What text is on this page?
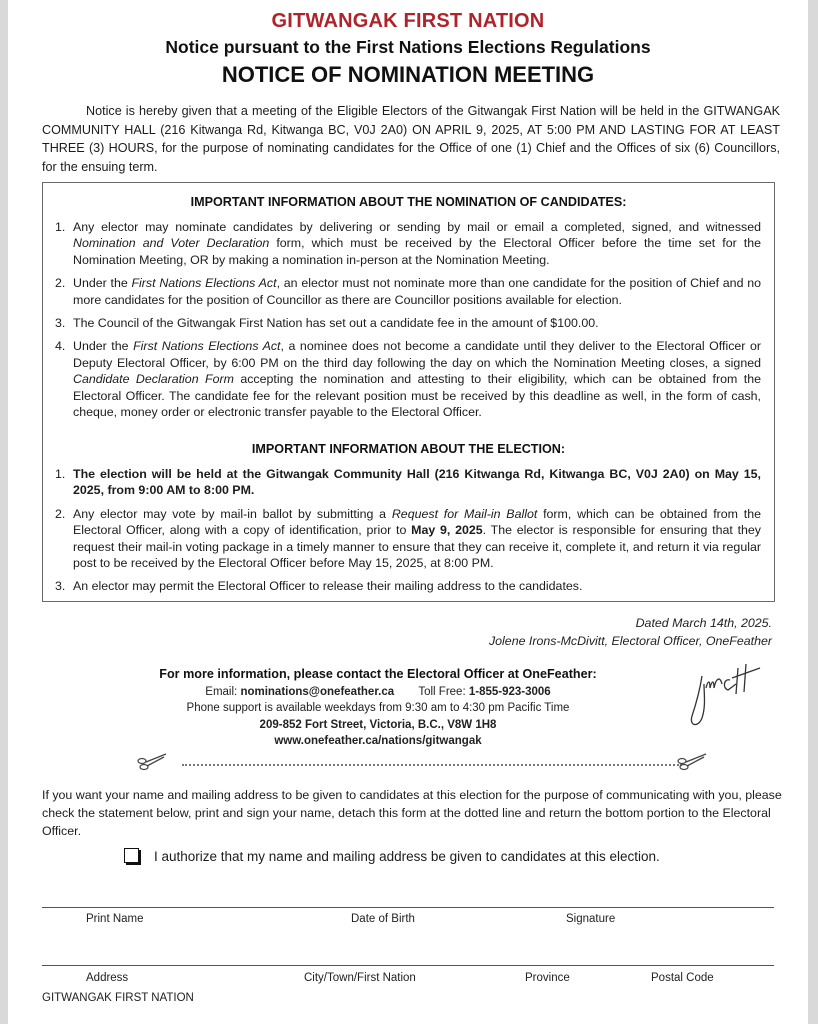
GITWANGAK FIRST NATION
Notice pursuant to the First Nations Elections Regulations
NOTICE OF NOMINATION MEETING
Notice is hereby given that a meeting of the Eligible Electors of the Gitwangak First Nation will be held in the GITWANGAK COMMUNITY HALL (216 Kitwanga Rd, Kitwanga BC, V0J 2A0) ON APRIL 9, 2025, AT 5:00 PM AND LASTING FOR AT LEAST THREE (3) HOURS, for the purpose of nominating candidates for the Office of one (1) Chief and the Offices of six (6) Councillors, for the ensuing term.
IMPORTANT INFORMATION ABOUT THE NOMINATION OF CANDIDATES:
1. Any elector may nominate candidates by delivering or sending by mail or email a completed, signed, and witnessed Nomination and Voter Declaration form, which must be received by the Electoral Officer before the time set for the Nomination Meeting, OR by making a nomination in-person at the Nomination Meeting.
2. Under the First Nations Elections Act, an elector must not nominate more than one candidate for the position of Chief and no more candidates for the position of Councillor as there are Councillor positions available for election.
3. The Council of the Gitwangak First Nation has set out a candidate fee in the amount of $100.00.
4. Under the First Nations Elections Act, a nominee does not become a candidate until they deliver to the Electoral Officer or Deputy Electoral Officer, by 6:00 PM on the third day following the day on which the Nomination Meeting closes, a signed Candidate Declaration Form accepting the nomination and attesting to their eligibility, which can be obtained from the Electoral Officer. The candidate fee for the relevant position must be received by this deadline as well, in the form of cash, cheque, money order or electronic transfer payable to the Electoral Officer.
IMPORTANT INFORMATION ABOUT THE ELECTION:
1. The election will be held at the Gitwangak Community Hall (216 Kitwanga Rd, Kitwanga BC, V0J 2A0) on May 15, 2025, from 9:00 AM to 8:00 PM.
2. Any elector may vote by mail-in ballot by submitting a Request for Mail-in Ballot form, which can be obtained from the Electoral Officer, along with a copy of identification, prior to May 9, 2025. The elector is responsible for ensuring that they request their mail-in voting package in a timely manner to ensure that they can receive it, complete it, and return it via regular post to be received by the Electoral Officer before May 15, 2025, at 8:00 PM.
3. An elector may permit the Electoral Officer to release their mailing address to the candidates.
Dated March 14th, 2025.
Jolene Irons-McDivitt, Electoral Officer, OneFeather
For more information, please contact the Electoral Officer at OneFeather:
Email: nominations@onefeather.ca Toll Free: 1-855-923-3006
Phone support is available weekdays from 9:30 am to 4:30 pm Pacific Time
209-852 Fort Street, Victoria, B.C., V8W 1H8
www.onefeather.ca/nations/gitwangak
If you want your name and mailing address to be given to candidates at this election for the purpose of communicating with you, please check the statement below, print and sign your name, detach this form at the dotted line and return the bottom portion to the Electoral Officer.
I authorize that my name and mailing address be given to candidates at this election.
Print Name	Date of Birth	Signature
Address	City/Town/First Nation	Province	Postal Code
GITWANGAK FIRST NATION
